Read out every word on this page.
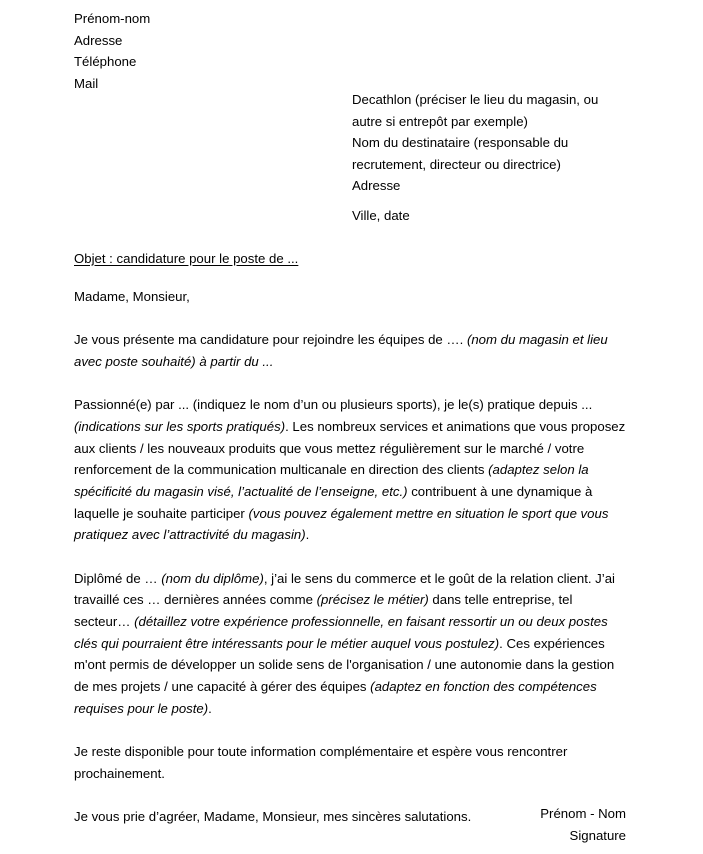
Prénom-nom
Adresse
Téléphone
Mail
Decathlon (préciser le lieu du magasin, ou autre si entrepôt par exemple)
Nom du destinataire (responsable du recrutement, directeur ou directrice)
Adresse
Ville, date
Objet : candidature pour le poste de ...

Madame, Monsieur,

Je vous présente ma candidature pour rejoindre les équipes de …. (nom du magasin et lieu avec poste souhaité) à partir du ...

Passionné(e) par ... (indiquez le nom d’un ou plusieurs sports), je le(s) pratique depuis ... (indications sur les sports pratiqués). Les nombreux services et animations que vous proposez aux clients / les nouveaux produits que vous mettez régulièrement sur le marché / votre renforcement de la communication multicanale en direction des clients (adaptez selon la spécificité du magasin visé, l’actualité de l’enseigne, etc.) contribuent à une dynamique à laquelle je souhaite participer (vous pouvez également mettre en situation le sport que vous pratiquez avec l’attractivité du magasin).

Diplômé de … (nom du diplôme), j’ai le sens du commerce et le goût de la relation client. J’ai travaillé ces … dernières années comme (précisez le métier) dans telle entreprise, tel secteur… (détaillez votre expérience professionnelle, en faisant ressortir un ou deux postes clés qui pourraient être intéressants pour le métier auquel vous postulez). Ces expériences m'ont permis de développer un solide sens de l'organisation / une autonomie dans la gestion de mes projets / une capacité à gérer des équipes (adaptez en fonction des compétences requises pour le poste).

Je reste disponible pour toute information complémentaire et espère vous rencontrer prochainement.

Je vous prie d’agréer, Madame, Monsieur, mes sincères salutations.	Prénom - Nom
Signature
